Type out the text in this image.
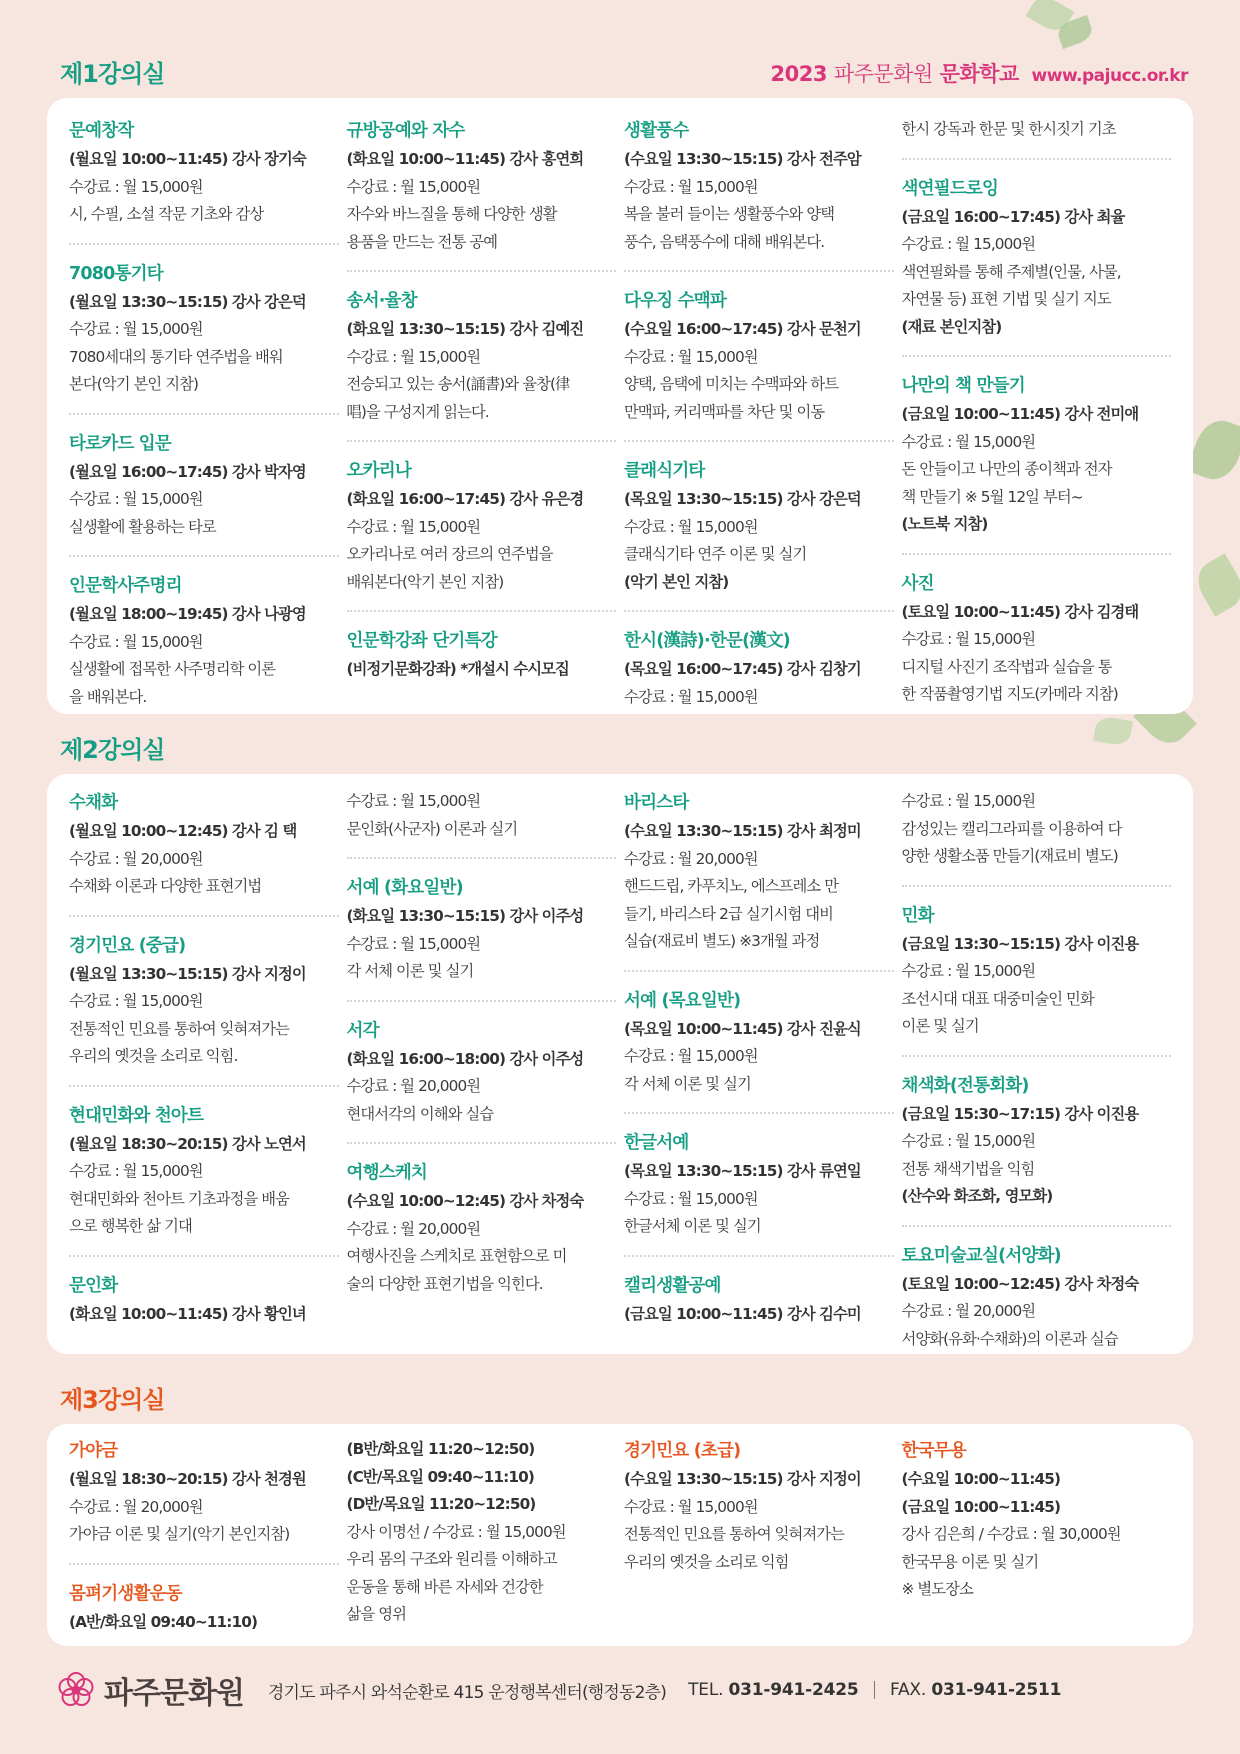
2023 파주문화원 문화학교 www.pajucc.or.kr
제1강의실
문예창작
(월요일 10:00~11:45) 강사 장기숙
수강료 : 월 15,000원
시, 수필, 소설 작문 기초와 감상
7080통기타
(월요일 13:30~15:15) 강사 강은덕
수강료 : 월 15,000원
7080세대의 통기타 연주법을 배워
본다(악기 본인 지참)
타로카드 입문
(월요일 16:00~17:45) 강사 박자영
수강료 : 월 15,000원
실생활에 활용하는 타로
인문학사주명리
(월요일 18:00~19:45) 강사 나광영
수강료 : 월 15,000원
실생활에 접목한 사주명리학 이론
을 배워본다.
규방공예와 자수
(화요일 10:00~11:45) 강사 홍연희
수강료 : 월 15,000원
자수와 바느질을 통해 다양한 생활
용품을 만드는 전통 공예
송서·율창
(화요일 13:30~15:15) 강사 김예진
수강료 : 월 15,000원
전승되고 있는 송서(誦書)와 율창(律
唱)을 구성지게 읽는다.
오카리나
(화요일 16:00~17:45) 강사 유은경
수강료 : 월 15,000원
오카리나로 여러 장르의 연주법을
배워본다(악기 본인 지참)
인문학강좌 단기특강
(비정기문화강좌) *개설시 수시모집
생활풍수
(수요일 13:30~15:15) 강사 전주암
수강료 : 월 15,000원
복을 불러 들이는 생활풍수와 양택
풍수, 음택풍수에 대해 배워본다.
다우징 수맥파
(수요일 16:00~17:45) 강사 문천기
수강료 : 월 15,000원
양택, 음택에 미치는 수맥파와 하트
만맥파, 커리맥파를 차단 및 이동
클래식기타
(목요일 13:30~15:15) 강사 강은덕
수강료 : 월 15,000원
클래식기타 연주 이론 및 실기
(악기 본인 지참)
한시(漢詩)·한문(漢文)
(목요일 16:00~17:45) 강사 김창기
수강료 : 월 15,000원
한시 강독과 한문 및 한시짓기 기초
색연필드로잉
(금요일 16:00~17:45) 강사 최율
수강료 : 월 15,000원
색연필화를 통해 주제별(인물, 사물,
자연물 등) 표현 기법 및 실기 지도
(재료 본인지참)
나만의 책 만들기
(금요일 10:00~11:45) 강사 전미애
수강료 : 월 15,000원
돈 안들이고 나만의 종이책과 전자
책 만들기 ※ 5월 12일 부터~
(노트북 지참)
사진
(토요일 10:00~11:45) 강사 김경태
수강료 : 월 15,000원
디지털 사진기 조작법과 실습을 통
한 작품촬영기법 지도(카메라 지참)
제2강의실
수채화
(월요일 10:00~12:45) 강사 김 택
수강료 : 월 20,000원
수채화 이론과 다양한 표현기법
경기민요 (중급)
(월요일 13:30~15:15) 강사 지정이
수강료 : 월 15,000원
전통적인 민요를 통하여 잊혀져가는
우리의 옛것을 소리로 익힘.
현대민화와 천아트
(월요일 18:30~20:15) 강사 노연서
수강료 : 월 15,000원
현대민화와 천아트 기초과정을 배움
으로 행복한 삶 기대
문인화
(화요일 10:00~11:45) 강사 황인녀
수강료 : 월 15,000원
문인화(사군자) 이론과 실기
서예 (화요일반)
(화요일 13:30~15:15) 강사 이주성
수강료 : 월 15,000원
각 서체 이론 및 실기
서각
(화요일 16:00~18:00) 강사 이주성
수강료 : 월 20,000원
현대서각의 이해와 실습
여행스케치
(수요일 10:00~12:45) 강사 차정숙
수강료 : 월 20,000원
여행사진을 스케치로 표현함으로 미
술의 다양한 표현기법을 익힌다.
바리스타
(수요일 13:30~15:15) 강사 최정미
수강료 : 월 20,000원
핸드드립, 카푸치노, 에스프레소 만
들기, 바리스타 2급 실기시험 대비
실습(재료비 별도) ※3개월 과정
서예 (목요일반)
(목요일 10:00~11:45) 강사 진윤식
수강료 : 월 15,000원
각 서체 이론 및 실기
한글서예
(목요일 13:30~15:15) 강사 류연일
수강료 : 월 15,000원
한글서체 이론 및 실기
캘리생활공예
(금요일 10:00~11:45) 강사 김수미
수강료 : 월 15,000원
감성있는 캘리그라피를 이용하여 다
양한 생활소품 만들기(재료비 별도)
민화
(금요일 13:30~15:15) 강사 이진용
수강료 : 월 15,000원
조선시대 대표 대중미술인 민화
이론 및 실기
채색화(전통회화)
(금요일 15:30~17:15) 강사 이진용
수강료 : 월 15,000원
전통 채색기법을 익힘
(산수와 화조화, 영모화)
토요미술교실(서양화)
(토요일 10:00~12:45) 강사 차정숙
수강료 : 월 20,000원
서양화(유화·수채화)의 이론과 실습
제3강의실
가야금
(월요일 18:30~20:15) 강사 천경원
수강료 : 월 20,000원
가야금 이론 및 실기(악기 본인지참)
몸펴기생활운동
(A반/화요일 09:40~11:10)
(B반/화요일 11:20~12:50)
(C반/목요일 09:40~11:10)
(D반/목요일 11:20~12:50)
강사 이명선 / 수강료 : 월 15,000원
우리 몸의 구조와 원리를 이해하고
운동을 통해 바른 자세와 건강한
삶을 영위
경기민요 (초급)
(수요일 13:30~15:15) 강사 지정이
수강료 : 월 15,000원
전통적인 민요를 통하여 잊혀져가는
우리의 옛것을 소리로 익힘
한국무용
(수요일 10:00~11:45)
(금요일 10:00~11:45)
강사 김은희 / 수강료 : 월 30,000원
한국무용 이론 및 실기
※ 별도장소
파주문화원 경기도 파주시 와석순환로 415 운정행복센터(행정동2층) TEL. 031-941-2425 FAX. 031-941-2511
